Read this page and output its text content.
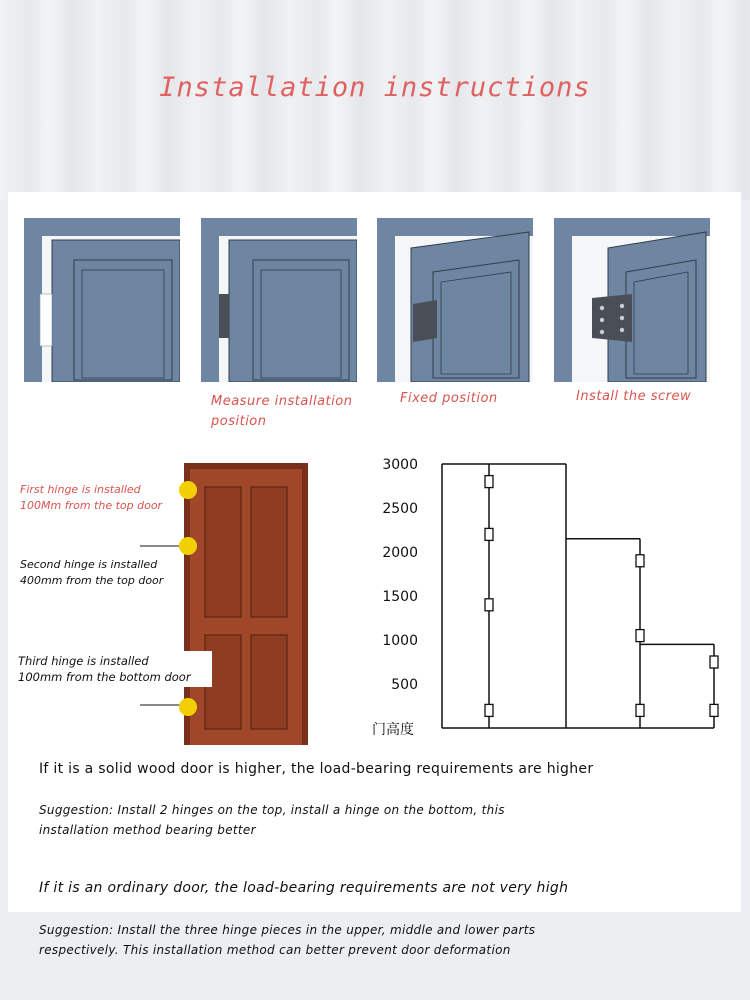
Installation instructions
Measure installation position
Fixed position	Install the screw
First hinge is installed
100Mm from the top door
Second hinge is installed
400mm from the top door
Third hinge is installed
100mm from the bottom door
门高度
3000
2500
2000
1500
1000
500
If it is a solid wood door is higher, the load-bearing requirements are higher
Suggestion: Install 2 hinges on the top, install a hinge on the bottom, this
installation method bearing better
If it is an ordinary door, the load-bearing requirements are not very high
Suggestion: Install the three hinge pieces in the upper, middle and lower parts
respectively. This installation method can better prevent door deformation
